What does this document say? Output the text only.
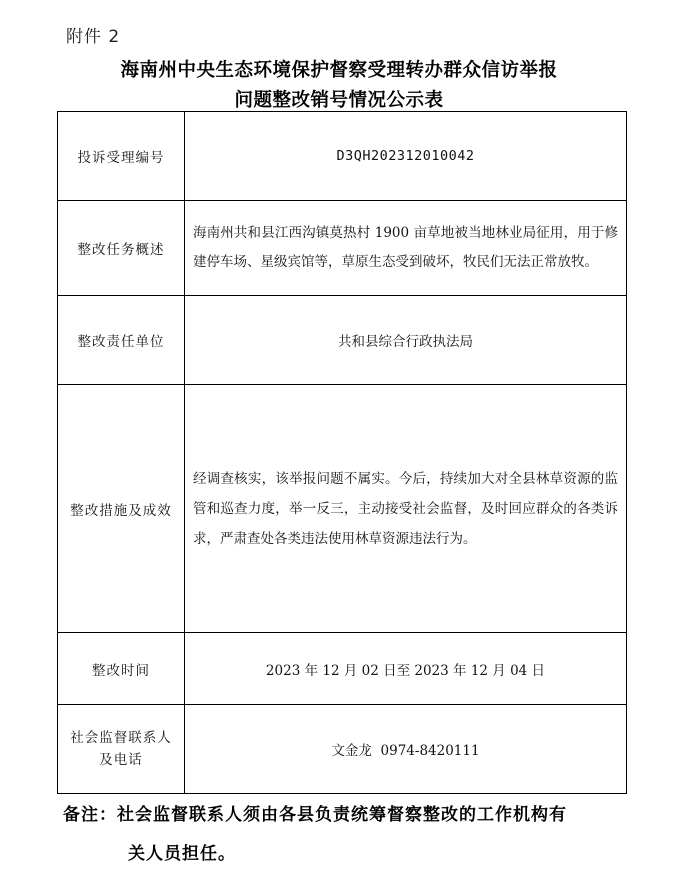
附件 2
海南州中央生态环境保护督察受理转办群众信访举报
问题整改销号情况公示表
投诉受理编号	D3QH202312010042
整改任务概述	海南州共和县江西沟镇莫热村 1900 亩草地被当地林业局征用，用于修建停车场、星级宾馆等，草原生态受到破坏，牧民们无法正常放牧。
整改责任单位	共和县综合行政执法局
整改措施及成效	经调查核实，该举报问题不属实。今后，持续加大对全县林草资源的监管和巡查力度，举一反三，主动接受社会监督，及时回应群众的各类诉求，严肃查处各类违法使用林草资源违法行为。
整改时间	2023 年 12 月 02 日至 2023 年 12 月 04 日

社会监督联系人
及电话	文金龙  0974-8420111
备注：社会监督联系人须由各县负责统筹督察整改的工作机构有
关人员担任。
